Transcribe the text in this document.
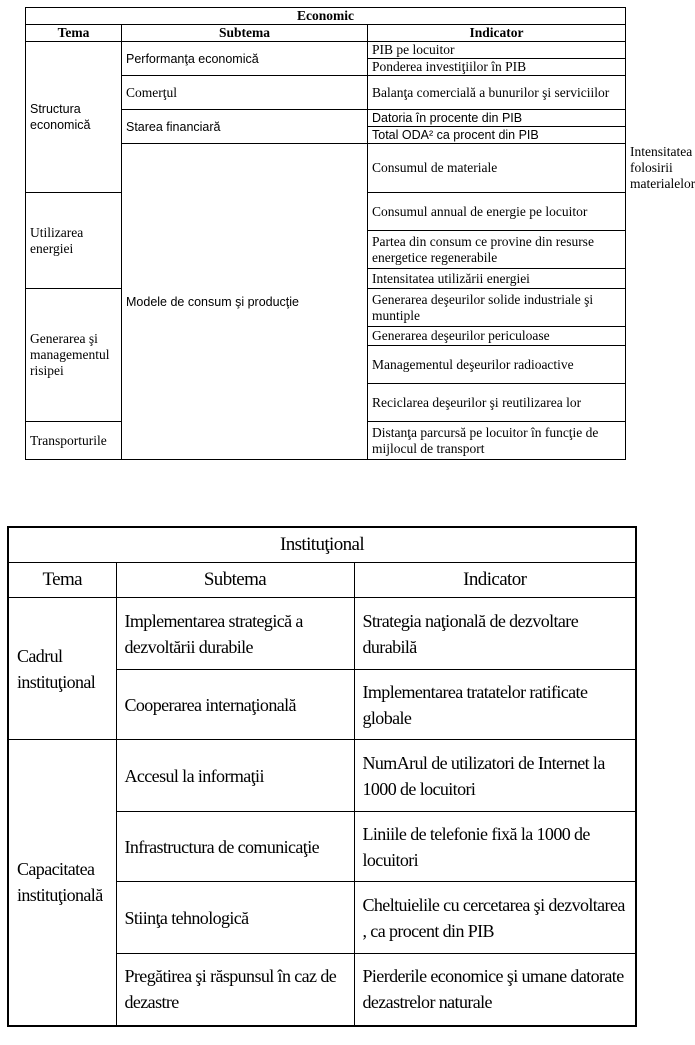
Economic			
Tema	Subtema	Indicator	
Structura economică	Performanţa economică	PIB pe locuitor	
		Ponderea investiţiilor în PIB	
	Comerţul	Balanţa comercială a bunurilor şi serviciilor	
	Starea financiară	Datoria în procente din PIB	
		Total ODA² ca procent din PIB	
	Modele de consum şi producţie	Consumul de materiale	Intensitatea folosirii materialelor
Utilizarea energiei		Consumul annual de energie pe locuitor	
		Partea din consum ce provine din resurse energetice regenerabile	
		Intensitatea utilizării energiei	
Generarea şi managementul risipei		Generarea deşeurilor solide industriale şi muntiple	
		Generarea deşeurilor periculoase	
		Managementul deşeurilor radioactive	
		Reciclarea deşeurilor şi reutilizarea lor	
Transporturile		Distanţa parcursă pe locuitor în funcţie de mijlocul de transport	
Instituţional		
Tema	Subtema	Indicator
Cadrul instituţional	Implementarea strategică a dezvoltării durabile	Strategia naţională de dezvoltare durabilă
	Cooperarea internaţională	Implementarea tratatelor ratificate globale
Capacitatea instituţională	Accesul la informaţii	NumArul de utilizatori de Internet la 1000 de locuitori
	Infrastructura de comunicaţie	Liniile de telefonie fixă la 1000 de locuitori
	Stiinţa tehnologică	Cheltuielile cu cercetarea şi dezvoltarea , ca procent din PIB
	Pregătirea şi răspunsul în caz de dezastre	Pierderile economice şi umane datorate dezastrelor naturale
